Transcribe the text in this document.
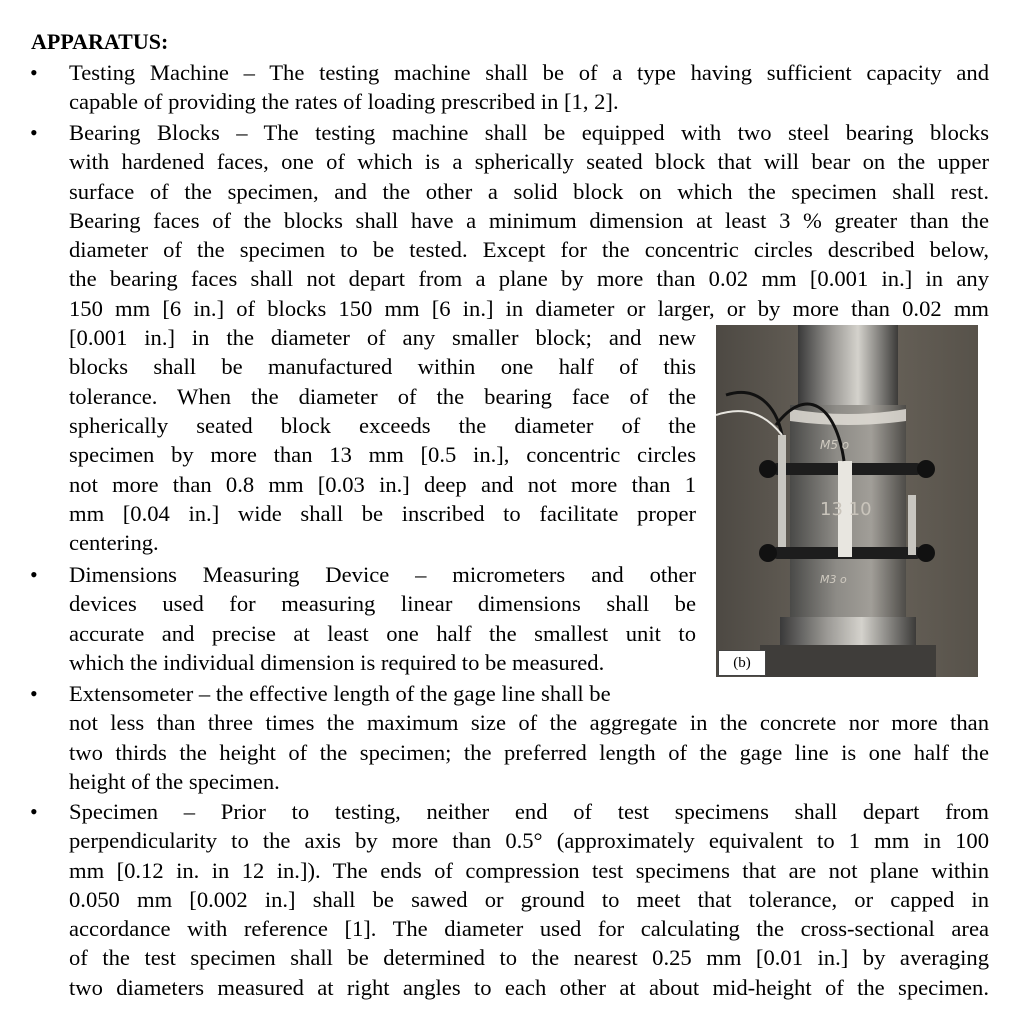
APPARATUS:
• Testing Machine – The testing machine shall be of a type having sufficient capacity and
capable of providing the rates of loading prescribed in [1, 2].
• Bearing Blocks – The testing machine shall be equipped with two steel bearing blocks
with hardened faces, one of which is a spherically seated block that will bear on the upper
surface of the specimen, and the other a solid block on which the specimen shall rest.
Bearing faces of the blocks shall have a minimum dimension at least 3 % greater than the
diameter of the specimen to be tested. Except for the concentric circles described below,
the bearing faces shall not depart from a plane by more than 0.02 mm [0.001 in.] in any
150 mm [6 in.] of blocks 150 mm [6 in.] in diameter or larger, or by more than 0.02 mm
[0.001 in.] in the diameter of any smaller block; and new
blocks shall be manufactured within one half of this
tolerance. When the diameter of the bearing face of the
spherically seated block exceeds the diameter of the
specimen by more than 13 mm [0.5 in.], concentric circles
not more than 0.8 mm [0.03 in.] deep and not more than 1
mm [0.04 in.] wide shall be inscribed to facilitate proper
centering.
• Dimensions Measuring Device – micrometers and other
devices used for measuring linear dimensions shall be
accurate and precise at least one half the smallest unit to
which the individual dimension is required to be measured.
• Extensometer – the effective length of the gage line shall be
not less than three times the maximum size of the aggregate in the concrete nor more than
two thirds the height of the specimen; the preferred length of the gage line is one half the
height of the specimen.
• Specimen – Prior to testing, neither end of test specimens shall depart from
perpendicularity to the axis by more than 0.5° (approximately equivalent to 1 mm in 100
mm [0.12 in. in 12 in.]). The ends of compression test specimens that are not plane within
0.050 mm [0.002 in.] shall be sawed or ground to meet that tolerance, or capped in
accordance with reference [1]. The diameter used for calculating the cross-sectional area
of the test specimen shall be determined to the nearest 0.25 mm [0.01 in.] by averaging
two diameters measured at right angles to each other at about mid-height of the specimen.
M5 o
13 10
M3 o
(b)
